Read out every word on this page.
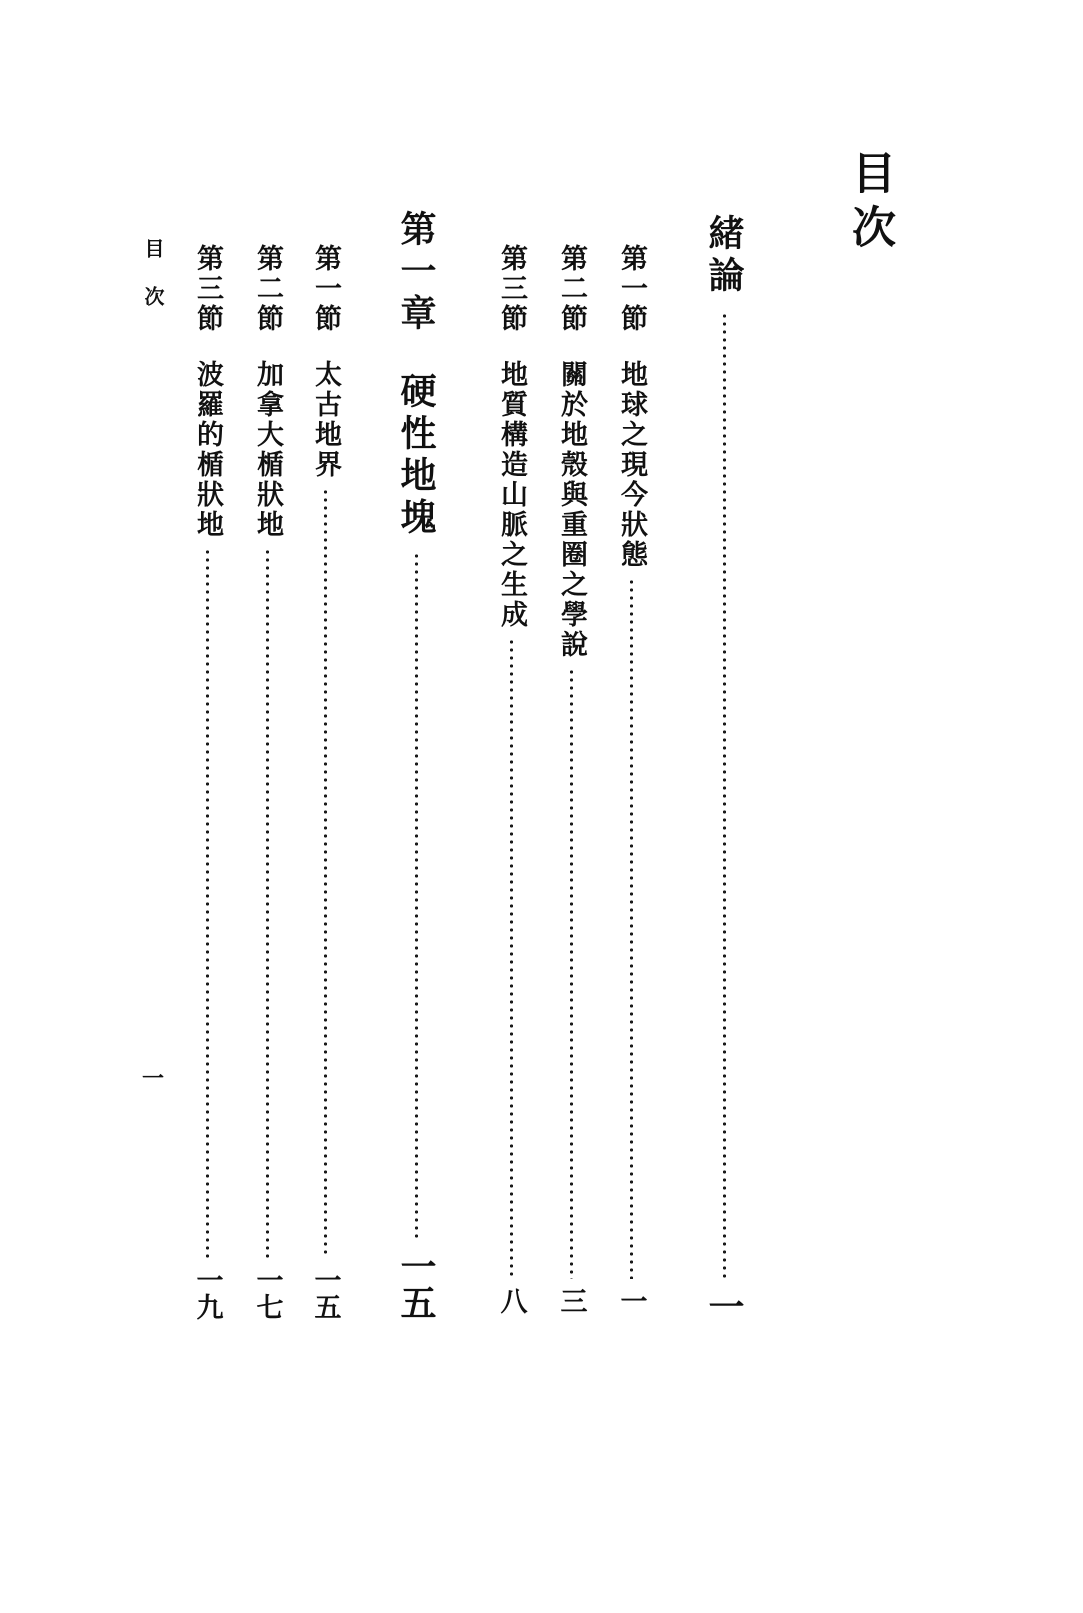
目次
緒論
一
第一節
地球之現今狀態
一
第二節
關於地殼與重圈之學說
三
第三節
地質構造山脈之生成
八
第一章
硬性地塊
一五
第一節
太古地界
一五
第二節
加拿大楯狀地
一七
第三節
波羅的楯狀地
一九
目次
一
